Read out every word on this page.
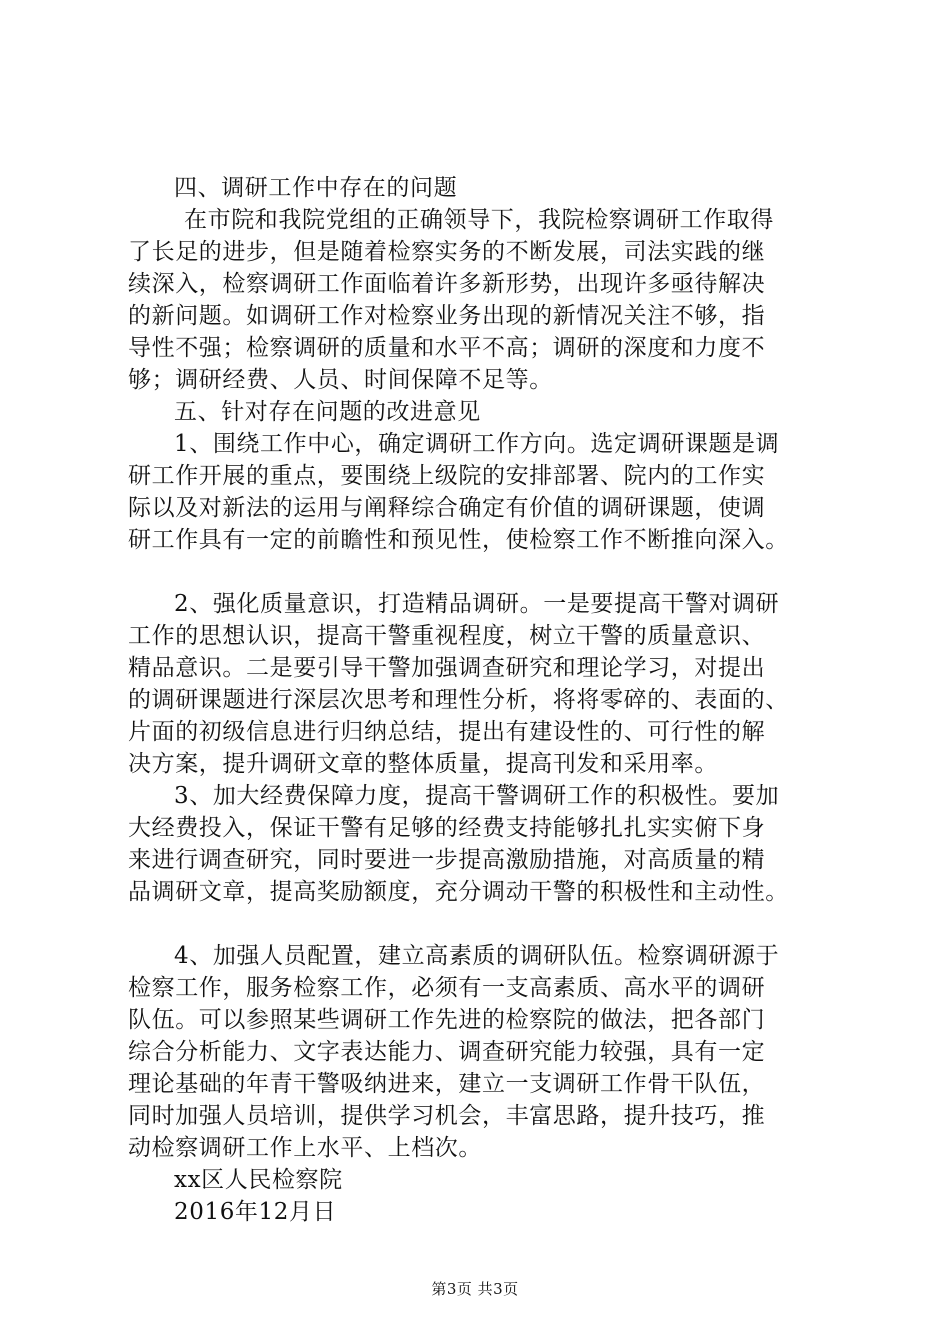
四、调研工作中存在的问题
在市院和我院党组的正确领导下，我院检察调研工作取得
了长足的进步，但是随着检察实务的不断发展，司法实践的继
续深入，检察调研工作面临着许多新形势，出现许多亟待解决
的新问题。如调研工作对检察业务出现的新情况关注不够，指
导性不强；检察调研的质量和水平不高；调研的深度和力度不
够；调研经费、人员、时间保障不足等。
五、针对存在问题的改进意见
1、围绕工作中心，确定调研工作方向。选定调研课题是调
研工作开展的重点，要围绕上级院的安排部署、院内的工作实
际以及对新法的运用与阐释综合确定有价值的调研课题，使调
研工作具有一定的前瞻性和预见性，使检察工作不断推向深入。
2、强化质量意识，打造精品调研。一是要提高干警对调研
工作的思想认识，提高干警重视程度，树立干警的质量意识、
精品意识。二是要引导干警加强调查研究和理论学习，对提出
的调研课题进行深层次思考和理性分析，将将零碎的、表面的、
片面的初级信息进行归纳总结，提出有建设性的、可行性的解
决方案，提升调研文章的整体质量，提高刊发和采用率。
3、加大经费保障力度，提高干警调研工作的积极性。要加
大经费投入，保证干警有足够的经费支持能够扎扎实实俯下身
来进行调查研究，同时要进一步提高激励措施，对高质量的精
品调研文章，提高奖励额度，充分调动干警的积极性和主动性。
4、加强人员配置，建立高素质的调研队伍。检察调研源于
检察工作，服务检察工作，必须有一支高素质、高水平的调研
队伍。可以参照某些调研工作先进的检察院的做法，把各部门
综合分析能力、文字表达能力、调查研究能力较强，具有一定
理论基础的年青干警吸纳进来，建立一支调研工作骨干队伍，
同时加强人员培训，提供学习机会，丰富思路，提升技巧，推
动检察调研工作上水平、上档次。
xx区人民检察院
2016年12月日
第3页 共3页
